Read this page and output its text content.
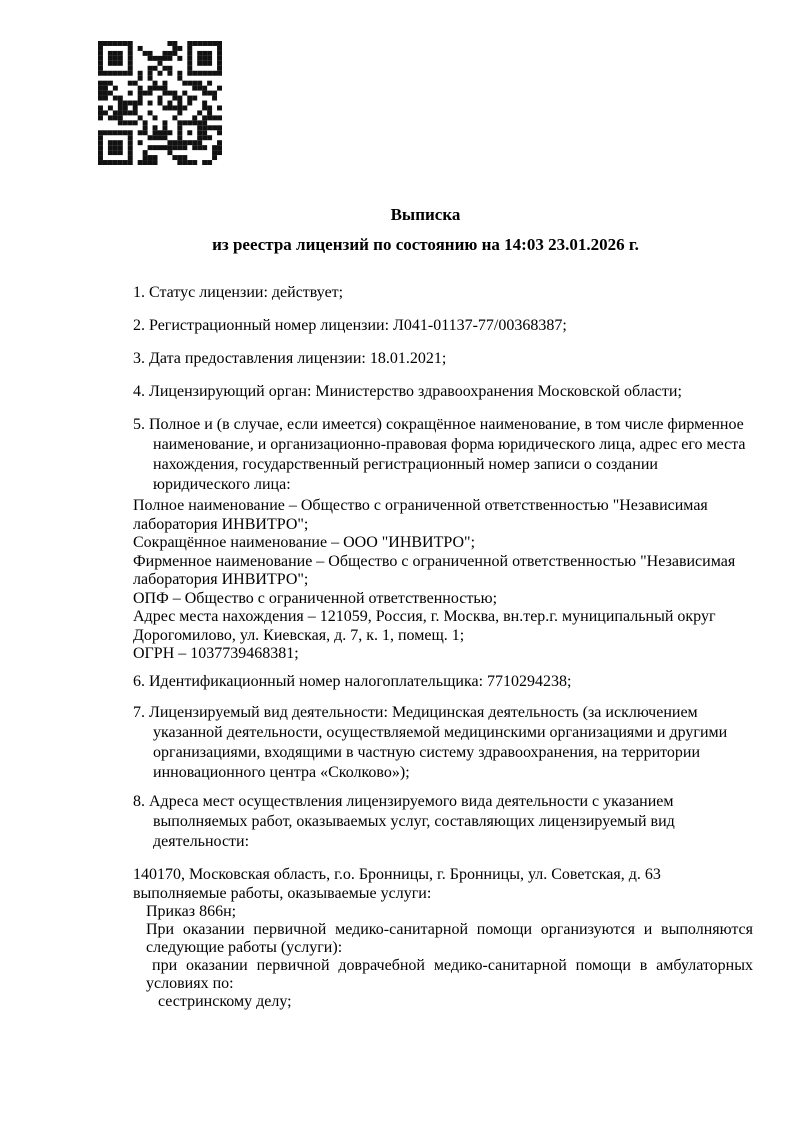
Выписка

из реестра лицензий по состоянию на 14:03 23.01.2026 г.

1. Статус лицензии: действует;

2. Регистрационный номер лицензии: Л041-01137-77/00368387;

3. Дата предоставления лицензии: 18.01.2021;

4. Лицензирующий орган: Министерство здравоохранения Московской области;

5. Полное и (в случае, если имеется) сокращённое наименование, в том числе фирменное наименование, и организационно-правовая форма юридического лица, адрес его места нахождения, государственный регистрационный номер записи о создании юридического лица:

Полное наименование – Общество с ограниченной ответственностью "Независимая лаборатория ИНВИТРО";

Сокращённое наименование – ООО "ИНВИТРО";

Фирменное наименование – Общество с ограниченной ответственностью "Независимая лаборатория ИНВИТРО";

ОПФ – Общество с ограниченной ответственностью;

Адрес места нахождения – 121059, Россия, г. Москва, вн.тер.г. муниципальный округ Дорогомилово, ул. Киевская, д. 7, к. 1, помещ. 1;

ОГРН – 1037739468381;

6. Идентификационный номер налогоплательщика: 7710294238;

7. Лицензируемый вид деятельности: Медицинская деятельность (за исключением указанной деятельности, осуществляемой медицинскими организациями и другими организациями, входящими в частную систему здравоохранения, на территории инновационного центра «Сколково»);

8. Адреса мест осуществления лицензируемого вида деятельности с указанием выполняемых работ, оказываемых услуг, составляющих лицензируемый вид деятельности:

140170, Московская область, г.о. Бронницы, г. Бронницы, ул. Советская, д. 63

выполняемые работы, оказываемые услуги:

Приказ 866н;

При оказании первичной медико-санитарной помощи организуются и выполняются следующие работы (услуги):

при оказании первичной доврачебной медико-санитарной помощи в амбулаторных условиях по:

сестринскому делу;
